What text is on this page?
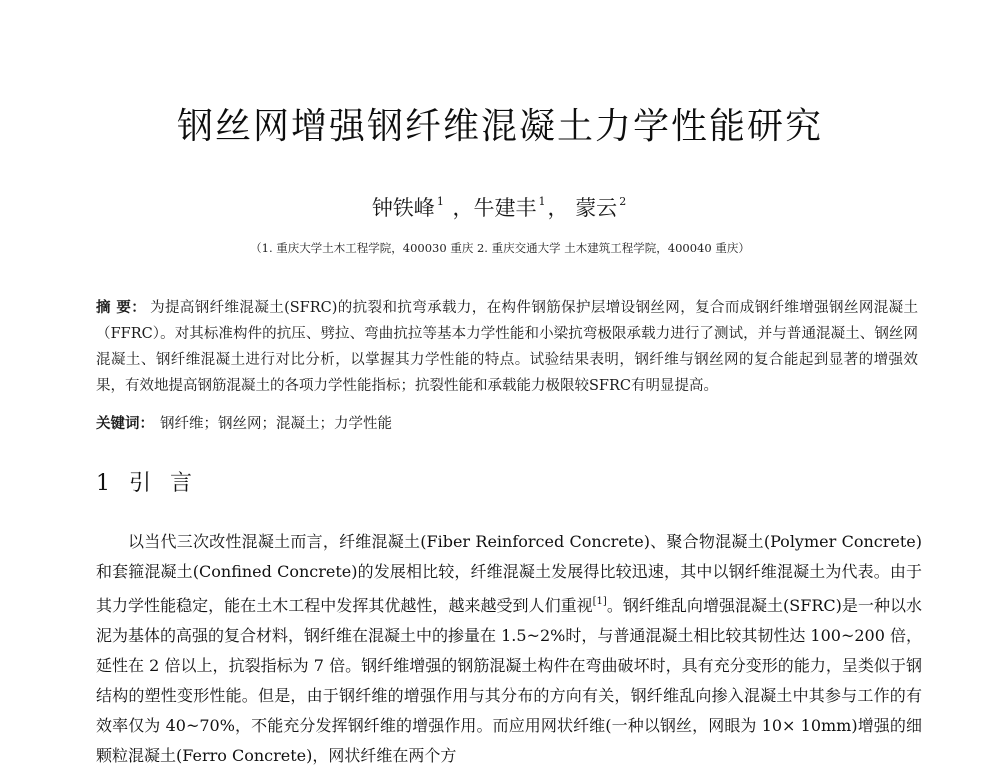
钢丝网增强钢纤维混凝土力学性能研究
钟铁峰 $^1$ ，牛建丰 $^1$， 蒙云 $^2$
（1. 重庆大学土木工程学院，400030 重庆 2. 重庆交通大学 土木建筑工程学院，400040 重庆）
摘 要： 为提高钢纤维混凝土(SFRC)的抗裂和抗弯承载力，在构件钢筋保护层增设钢丝网，复合而成钢纤维增强钢丝网混凝土（FFRC）。对其标准构件的抗压、劈拉、弯曲抗拉等基本力学性能和小梁抗弯极限承载力进行了测试，并与普通混凝土、钢丝网混凝土、钢纤维混凝土进行对比分析，以掌握其力学性能的特点。试验结果表明，钢纤维与钢丝网的复合能起到显著的增强效果，有效地提高钢筋混凝土的各项力学性能指标；抗裂性能和承载能力极限较SFRC有明显提高。
关键词： 钢纤维；钢丝网；混凝土；力学性能
1 引 言
以当代三次改性混凝土而言，纤维混凝土(Fiber Reinforced Concrete)、聚合物混凝土(Polymer Concrete)和套箍混凝土(Confined Concrete)的发展相比较，纤维混凝土发展得比较迅速，其中以钢纤维混凝土为代表。由于其力学性能稳定，能在土木工程中发挥其优越性，越来越受到人们重视[1]。钢纤维乱向增强混凝土(SFRC)是一种以水泥为基体的高强的复合材料，钢纤维在混凝土中的掺量在 1.5~2%时，与普通混凝土相比较其韧性达 100~200 倍，延性在 2 倍以上，抗裂指标为 7 倍。钢纤维增强的钢筋混凝土构件在弯曲破坏时，具有充分变形的能力，呈类似于钢结构的塑性变形性能。但是，由于钢纤维的增强作用与其分布的方向有关，钢纤维乱向掺入混凝土中其参与工作的有效率仅为 40~70%，不能充分发挥钢纤维的增强作用。而应用网状纤维(一种以钢丝，网眼为 10× 10mm)增强的细颗粒混凝土(Ferro Concrete)，网状纤维在两个方
